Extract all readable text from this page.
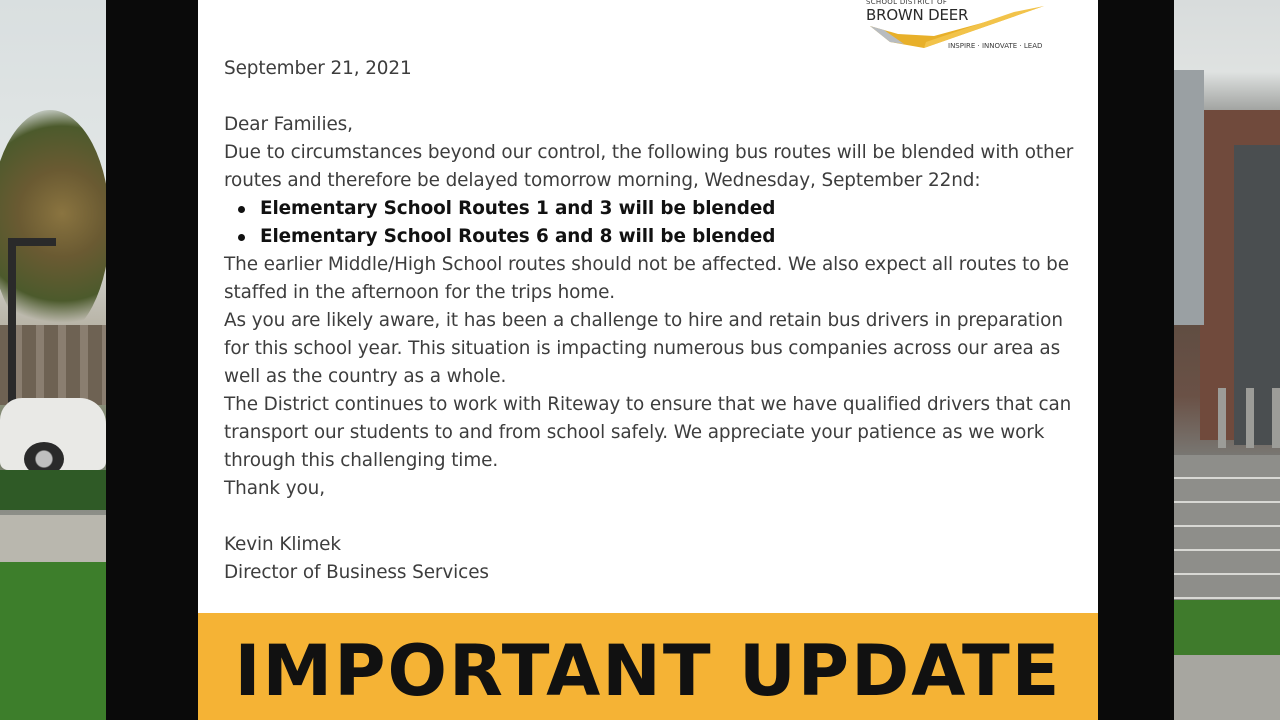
SCHOOL DISTRICT OF
BROWN DEER
INSPIRE · INNOVATE · LEAD

September 21, 2021

Dear Families,

Due to circumstances beyond our control, the following bus routes will be blended with other routes and therefore be delayed tomorrow morning, Wednesday, September 22nd:

Elementary School Routes 1 and 3 will be blended
Elementary School Routes 6 and 8 will be blended

The earlier Middle/High School routes should not be affected. We also expect all routes to be staffed in the afternoon for the trips home.

As you are likely aware, it has been a challenge to hire and retain bus drivers in preparation for this school year. This situation is impacting numerous bus companies across our area as well as the country as a whole.

The District continues to work with Riteway to ensure that we have qualified drivers that can transport our students to and from school safely. We appreciate your patience as we work through this challenging time.

Thank you,

Kevin Klimek

Director of Business Services

IMPORTANT UPDATE
